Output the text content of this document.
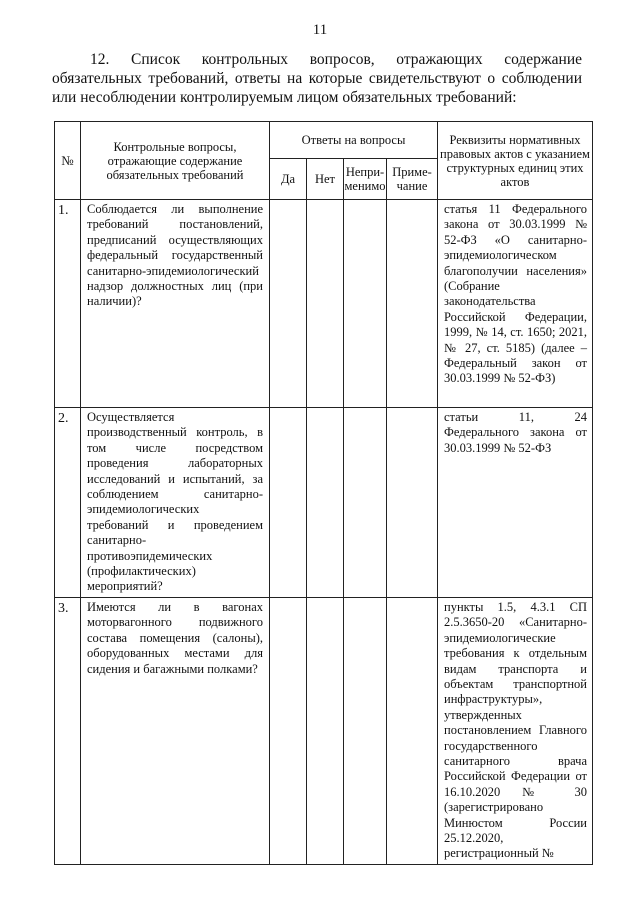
11
12. Список контрольных вопросов, отражающих содержание обязательных требований, ответы на которые свидетельствуют о соблюдении или несоблюдении контролируемым лицом обязательных требований:
№	Контрольные вопросы, отражающие содержание обязательных требований	Ответы на вопросы				Реквизиты нормативных правовых актов с указанием структурных единиц этих актов
		Да	Нет	Непри-менимо	Приме-чание	
1.	Соблюдается ли выполнение требований постановлений, предписаний осуществляющих федеральный государственный санитарно-эпидемиологический надзор должностных лиц (при наличии)?					статья 11 Федерального закона от 30.03.1999 № 52-ФЗ «О санитарно-эпидемиологическом благополучии населения» (Собрание законодательства Российской Федерации, 1999, № 14, ст. 1650; 2021, № 27, ст. 5185) (далее – Федеральный закон от 30.03.1999 № 52-ФЗ)
2.	Осуществляется производственный контроль, в том числе посредством проведения лабораторных исследований и испытаний, за соблюдением санитарно-эпидемиологических требований и проведением санитарно-противоэпидемических (профилактических) мероприятий?					статьи 11, 24 Федерального закона от 30.03.1999 № 52-ФЗ
3.	Имеются ли в вагонах моторвагонного подвижного состава помещения (салоны), оборудованных местами для сидения и багажными полками?					пункты 1.5, 4.3.1 СП 2.5.3650-20 «Санитарно-эпидемиологические требования к отдельным видам транспорта и объектам транспортной инфраструктуры», утвержденных постановлением Главного государственного санитарного врача Российской Федерации от 16.10.2020 № 30 (зарегистрировано Минюстом России 25.12.2020, регистрационный №
